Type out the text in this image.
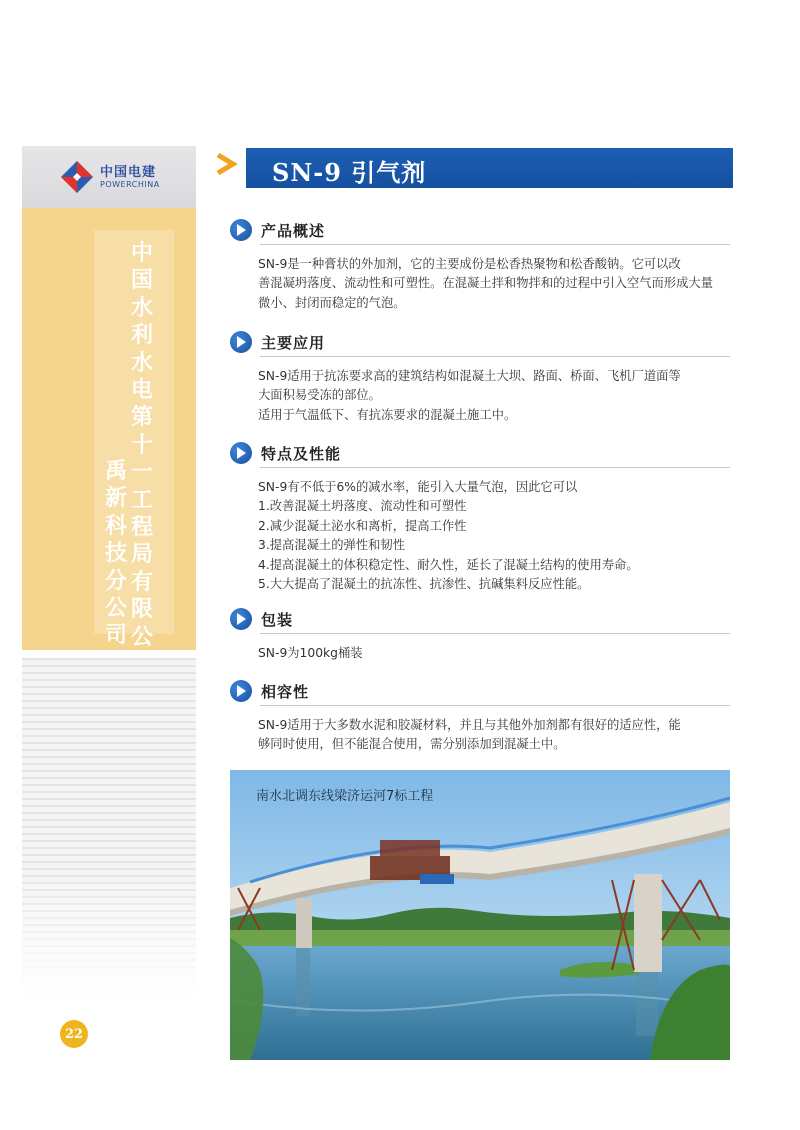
中国电建
POWERCHINA
中国水利水电第十一工程局有限公
禹新科技分公司
SN-9 引气剂
产品概述

SN-9是一种膏状的外加剂，它的主要成份是松香热聚物和松香酸钠。它可以改
善混凝坍落度、流动性和可塑性。在混凝土拌和物拌和的过程中引入空气而形成大量
微小、封闭而稳定的气泡。

主要应用

SN-9适用于抗冻要求高的建筑结构如混凝土大坝、路面、桥面、飞机厂道面等
大面积易受冻的部位。
适用于气温低下、有抗冻要求的混凝土施工中。

特点及性能

SN-9有不低于6%的减水率，能引入大量气泡，因此它可以
1.改善混凝土坍落度、流动性和可塑性
2.减少混凝土泌水和离析，提高工作性
3.提高混凝土的弹性和韧性
4.提高混凝土的体积稳定性、耐久性，延长了混凝土结构的使用寿命。
5.大大提高了混凝土的抗冻性、抗渗性、抗碱集料反应性能。

包装

SN-9为100kg桶装

相容性

SN-9适用于大多数水泥和胶凝材料，并且与其他外加剂都有很好的适应性，能
够同时使用，但不能混合使用，需分别添加到混凝土中。

南水北调东线梁济运河7标工程
22
